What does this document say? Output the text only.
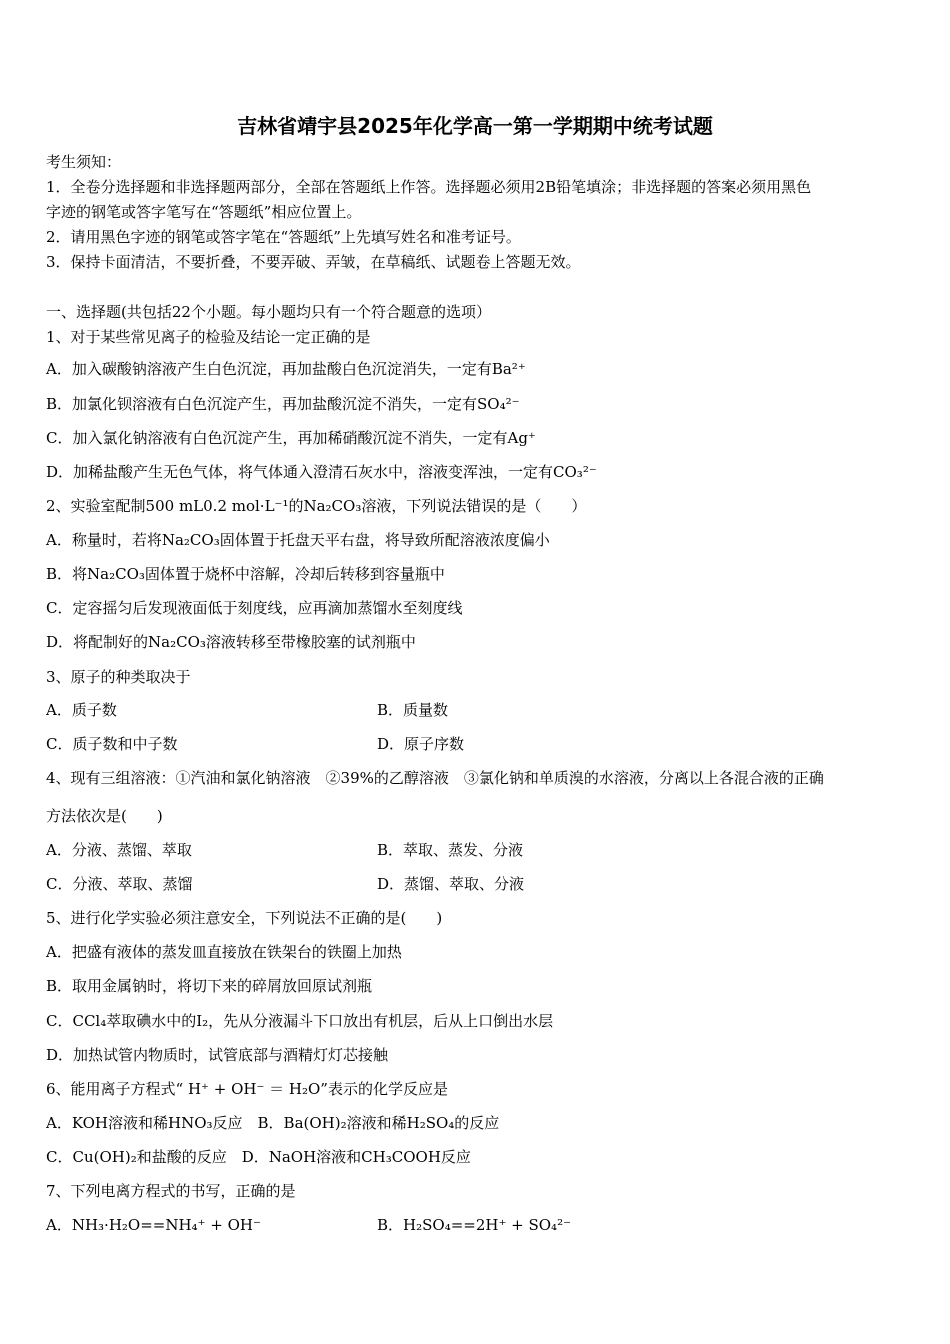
吉林省靖宇县2025年化学高一第一学期期中统考试题
考生须知：
1．全卷分选择题和非选择题两部分，全部在答题纸上作答。选择题必须用2B铅笔填涂；非选择题的答案必须用黑色
字迹的钢笔或答字笔写在“答题纸”相应位置上。
2．请用黑色字迹的钢笔或答字笔在“答题纸”上先填写姓名和准考证号。
3．保持卡面清洁，不要折叠，不要弄破、弄皱，在草稿纸、试题卷上答题无效。
一、选择题(共包括22个小题。每小题均只有一个符合题意的选项）
1、对于某些常见离子的检验及结论一定正确的是
A．加入碳酸钠溶液产生白色沉淀，再加盐酸白色沉淀消失，一定有Ba²⁺
B．加氯化钡溶液有白色沉淀产生，再加盐酸沉淀不消失，一定有SO₄²⁻
C．加入氯化钠溶液有白色沉淀产生，再加稀硝酸沉淀不消失，一定有Ag⁺
D．加稀盐酸产生无色气体，将气体通入澄清石灰水中，溶液变浑浊，一定有CO₃²⁻
2、实验室配制500 mL0.2 mol·L⁻¹的Na₂CO₃溶液，下列说法错误的是（　　）
A．称量时，若将Na₂CO₃固体置于托盘天平右盘，将导致所配溶液浓度偏小
B．将Na₂CO₃固体置于烧杯中溶解，冷却后转移到容量瓶中
C．定容摇匀后发现液面低于刻度线，应再滴加蒸馏水至刻度线
D．将配制好的Na₂CO₃溶液转移至带橡胶塞的试剂瓶中
3、原子的种类取决于
A．质子数	B．质量数
C．质子数和中子数	D．原子序数
4、现有三组溶液：①汽油和氯化钠溶液　②39%的乙醇溶液　③氯化钠和单质溴的水溶液，分离以上各混合液的正确
方法依次是(　　)
A．分液、蒸馏、萃取	B．萃取、蒸发、分液
C．分液、萃取、蒸馏	D．蒸馏、萃取、分液
5、进行化学实验必须注意安全，下列说法不正确的是(　　)
A．把盛有液体的蒸发皿直接放在铁架台的铁圈上加热
B．取用金属钠时，将切下来的碎屑放回原试剂瓶
C．CCl₄萃取碘水中的I₂，先从分液漏斗下口放出有机层，后从上口倒出水层
D．加热试管内物质时，试管底部与酒精灯灯芯接触
6、能用离子方程式“ H⁺ + OH⁻ ＝ H₂O”表示的化学反应是
A．KOH溶液和稀HNO₃反应　B．Ba(OH)₂溶液和稀H₂SO₄的反应
C．Cu(OH)₂和盐酸的反应　D．NaOH溶液和CH₃COOH反应
7、下列电离方程式的书写，正确的是
A．NH₃·H₂O==NH₄⁺ + OH⁻	B．H₂SO₄==2H⁺ + SO₄²⁻
